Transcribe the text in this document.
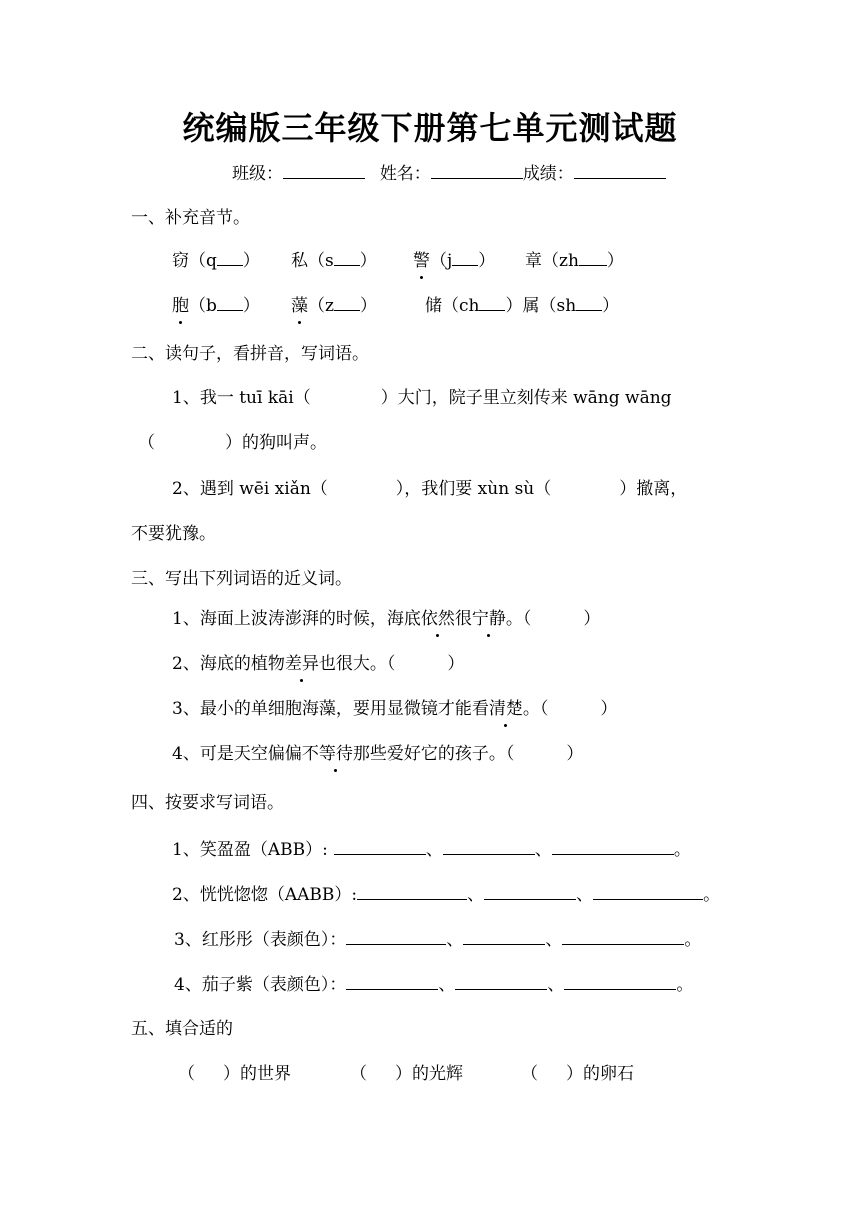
统编版三年级下册第七单元测试题
班级：	姓名：	成绩：
一、补充音节。
窃（q ） 私（s ） 警（j ） 章（zh ）
胞（b ） 藻（z ）	储（ch ）属（sh ）
二、读句子，看拼音，写词语。
1、我一 tuī kāi（	）大门，院子里立刻传来 wāng wāng
（	）的狗叫声。
2、遇到 wēi xiǎn（	），我们要 xùn sù（	）撤离，
不要犹豫。
三、写出下列词语的近义词。
1、海面上波涛澎湃的时候，海底依然很宁静。（	）
2、海底的植物差异也很大。（	）
3、最小的单细胞海藻，要用显微镜才能看清楚。（	）
4、可是天空偏偏不等待那些爱好它的孩子。（	）
四、按要求写词语。
1、笑盈盈（ABB）:	、	、	。
2、恍恍惚惚（AABB）:	、	、	。
3、红彤彤（表颜色）：	、	、	。
4、茄子紫（表颜色）：	、	、	。
五、填合适的
（ ）的世界	（ ）的光辉	（ ）的卵石
